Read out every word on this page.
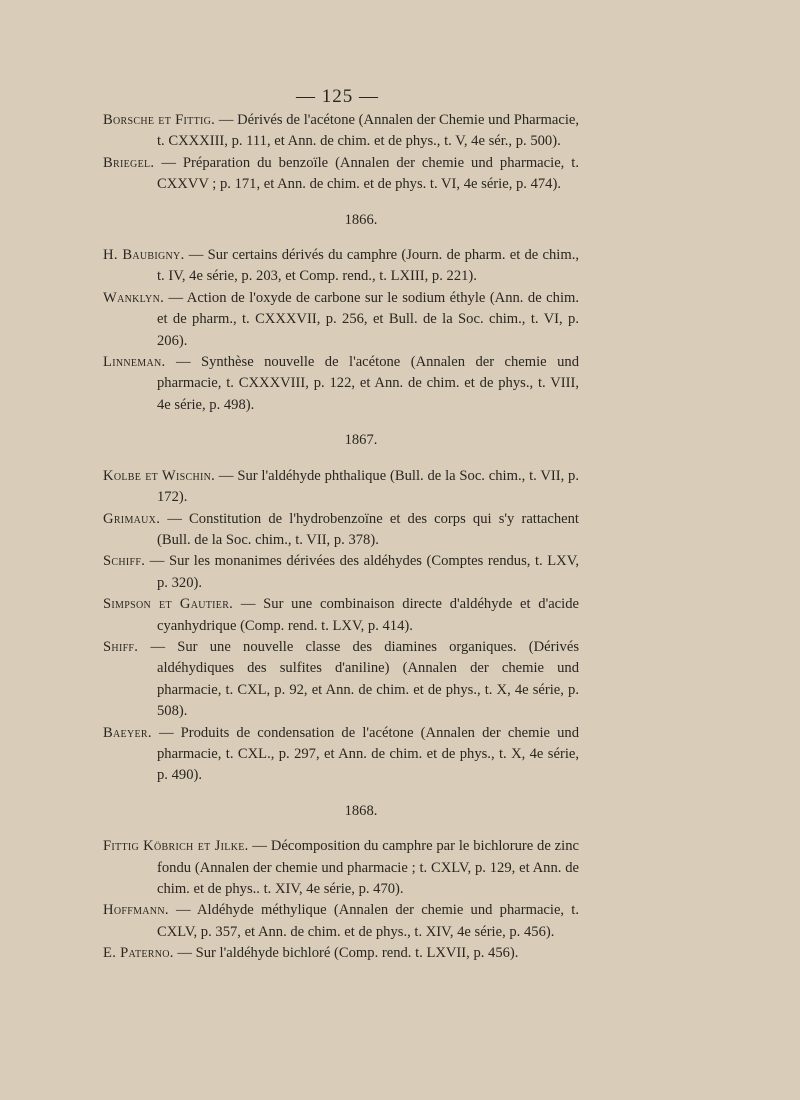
— 125 —

Borsche et Fittig. — Dérivés de l'acétone (Annalen der Chemie und Pharmacie, t. CXXXIII, p. 111, et Ann. de chim. et de phys., t. V, 4e sér., p. 500).

Briegel. — Préparation du benzoïle (Annalen der chemie und pharmacie, t. CXXVV ; p. 171, et Ann. de chim. et de phys. t. VI, 4e série, p. 474).

1866.

H. Baubigny. — Sur certains dérivés du camphre (Journ. de pharm. et de chim., t. IV, 4e série, p. 203, et Comp. rend., t. LXIII, p. 221).

Wanklyn. — Action de l'oxyde de carbone sur le sodium éthyle (Ann. de chim. et de pharm., t. CXXXVII, p. 256, et Bull. de la Soc. chim., t. VI, p. 206).

Linneman. — Synthèse nouvelle de l'acétone (Annalen der chemie und pharmacie, t. CXXXVIII, p. 122, et Ann. de chim. et de phys., t. VIII, 4e série, p. 498).

1867.

Kolbe et Wischin. — Sur l'aldéhyde phthalique (Bull. de la Soc. chim., t. VII, p. 172).

Grimaux. — Constitution de l'hydrobenzoïne et des corps qui s'y rattachent (Bull. de la Soc. chim., t. VII, p. 378).

Schiff. — Sur les monanimes dérivées des aldéhydes (Comptes rendus, t. LXV, p. 320).

Simpson et Gautier. — Sur une combinaison directe d'aldéhyde et d'acide cyanhydrique (Comp. rend. t. LXV, p. 414).

Shiff. — Sur une nouvelle classe des diamines organiques. (Dérivés aldéhydiques des sulfites d'aniline) (Annalen der chemie und pharmacie, t. CXL, p. 92, et Ann. de chim. et de phys., t. X, 4e série, p. 508).

Baeyer. — Produits de condensation de l'acétone (Annalen der chemie und pharmacie, t. CXL., p. 297, et Ann. de chim. et de phys., t. X, 4e série, p. 490).

1868.

Fittig Köbrich et Jilke. — Décomposition du camphre par le bichlorure de zinc fondu (Annalen der chemie und pharmacie ; t. CXLV, p. 129, et Ann. de chim. et de phys.. t. XIV, 4e série, p. 470).

Hoffmann. — Aldéhyde méthylique (Annalen der chemie und pharmacie, t. CXLV, p. 357, et Ann. de chim. et de phys., t. XIV, 4e série, p. 456).

E. Paterno. — Sur l'aldéhyde bichloré (Comp. rend. t. LXVII, p. 456).
